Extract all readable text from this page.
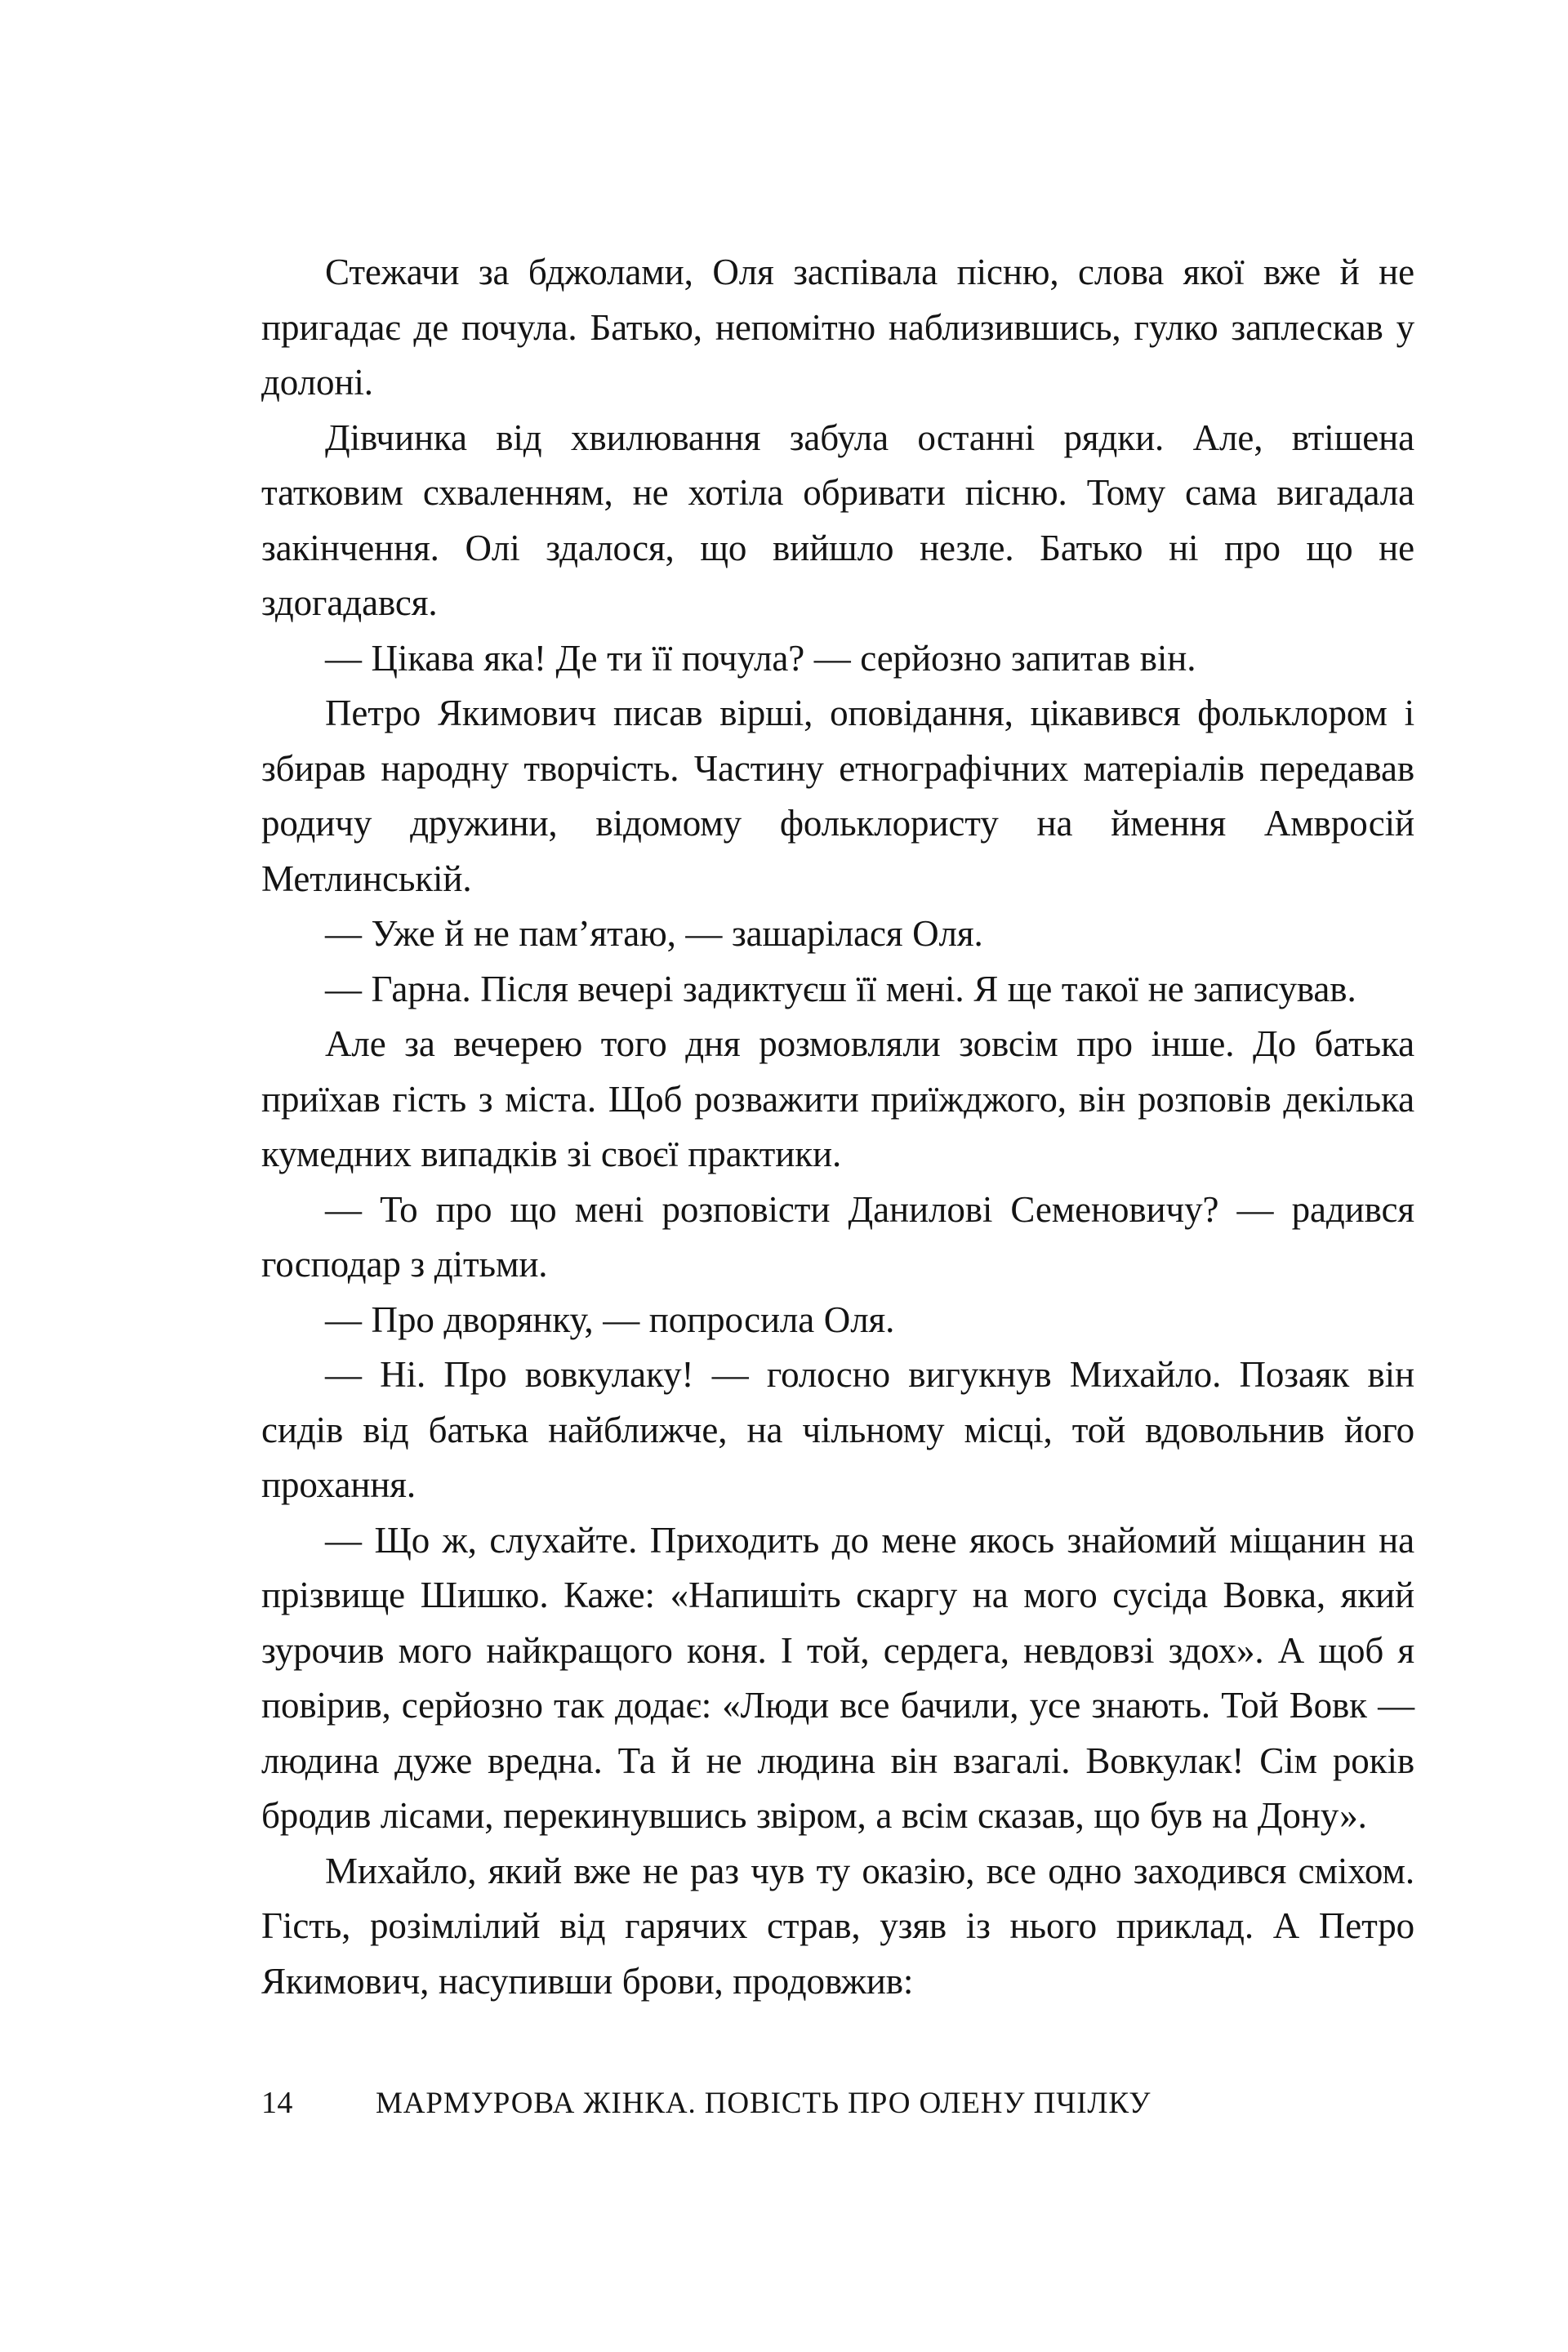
Стежачи за бджолами, Оля заспівала пісню, слова якої вже й не пригадає де почула. Батько, непомітно наблизившись, гулко заплескав у долоні.

Дівчинка від хвилювання забула останні рядки. Але, втішена татковим схваленням, не хотіла обривати пісню. Тому сама вигадала закінчення. Олі здалося, що вийшло незле. Батько ні про що не здогадався.

— Цікава яка! Де ти її почула? — серйозно запитав він.

Петро Якимович писав вірші, оповідання, цікавився фольклором і збирав народну творчість. Частину етнографічних матеріалів передавав родичу дружини, відомому фольклористу на ймення Амвросій Метлинській.

— Уже й не пам’ятаю, — зашарілася Оля.

— Гарна. Після вечері задиктуєш її мені. Я ще такої не записував.

Але за вечерею того дня розмовляли зовсім про інше. До батька приїхав гість з міста. Щоб розважити приїжджого, він розповів декілька кумедних випадків зі своєї практики.

— То про що мені розповісти Данилові Семеновичу? — радився господар з дітьми.

— Про дворянку, — попросила Оля.

— Ні. Про вовкулаку! — голосно вигукнув Михайло. Позаяк він сидів від батька найближче, на чільному місці, той вдовольнив його прохання.

— Що ж, слухайте. Приходить до мене якось знайомий міщанин на прізвище Шишко. Каже: «Напишіть скаргу на мого сусіда Вовка, який зурочив мого найкращого коня. І той, сердега, невдовзі здох». А щоб я повірив, серйозно так додає: «Люди все бачили, усе знають. Той Вовк — людина дуже вредна. Та й не людина він взагалі. Вовкулак! Сім років бродив лісами, перекинувшись звіром, а всім сказав, що був на Дону».

Михайло, який вже не раз чув ту оказію, все одно заходився сміхом. Гість, розімлілий від гарячих страв, узяв із нього приклад. А Петро Якимович, насупивши брови, продовжив:

14	МАРМУРОВА ЖІНКА. ПОВІСТЬ ПРО ОЛЕНУ ПЧІЛКУ
